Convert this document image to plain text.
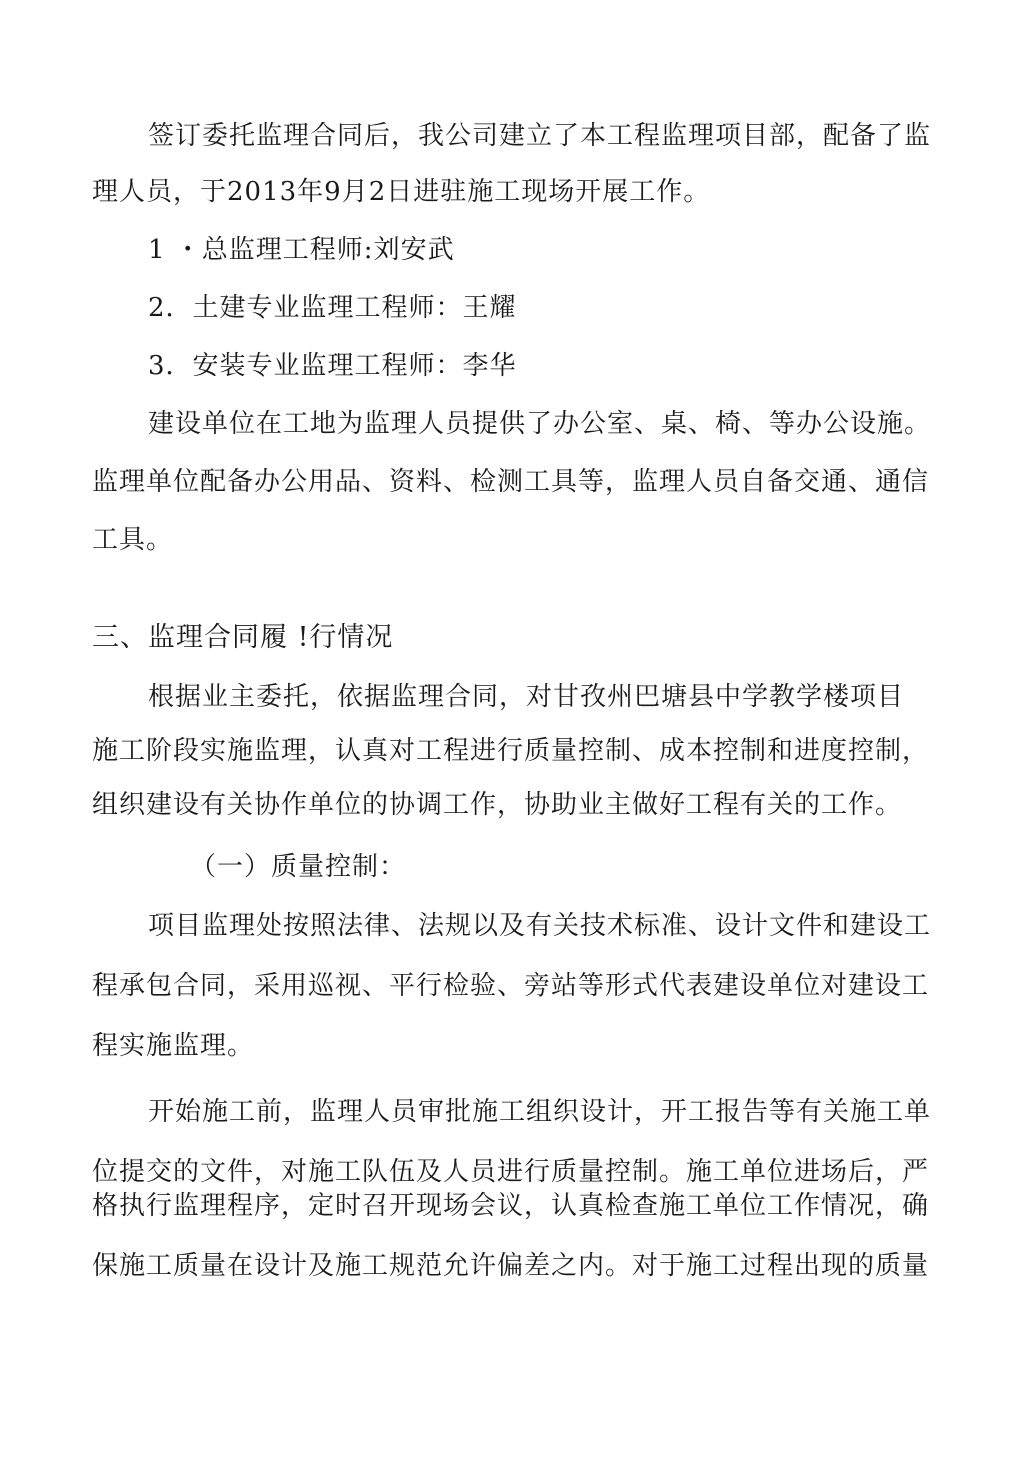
签订委托监理合同后，我公司建立了本工程监理项目部，配备了监
理人员，于2013年9月2日进驻施工现场开展工作。
1 ・总监理工程师:刘安武
2．土建专业监理工程师：王耀
3．安装专业监理工程师：李华
建设单位在工地为监理人员提供了办公室、桌、椅、等办公设施。
监理单位配备办公用品、资料、检测工具等，监理人员自备交通、通信
工具。
三、监理合同履 !行情况
根据业主委托，依据监理合同，对甘孜州巴塘县中学教学楼项目
施工阶段实施监理，认真对工程进行质量控制、成本控制和进度控制，
组织建设有关协作单位的协调工作，协助业主做好工程有关的工作。
（一）质量控制：
项目监理处按照法律、法规以及有关技术标准、设计文件和建设工
程承包合同，采用巡视、平行检验、旁站等形式代表建设单位对建设工
程实施监理。
开始施工前，监理人员审批施工组织设计，开工报告等有关施工单
位提交的文件，对施工队伍及人员进行质量控制。施工单位进场后，严
格执行监理程序，定时召开现场会议，认真检查施工单位工作情况，确
保施工质量在设计及施工规范允许偏差之内。对于施工过程出现的质量
